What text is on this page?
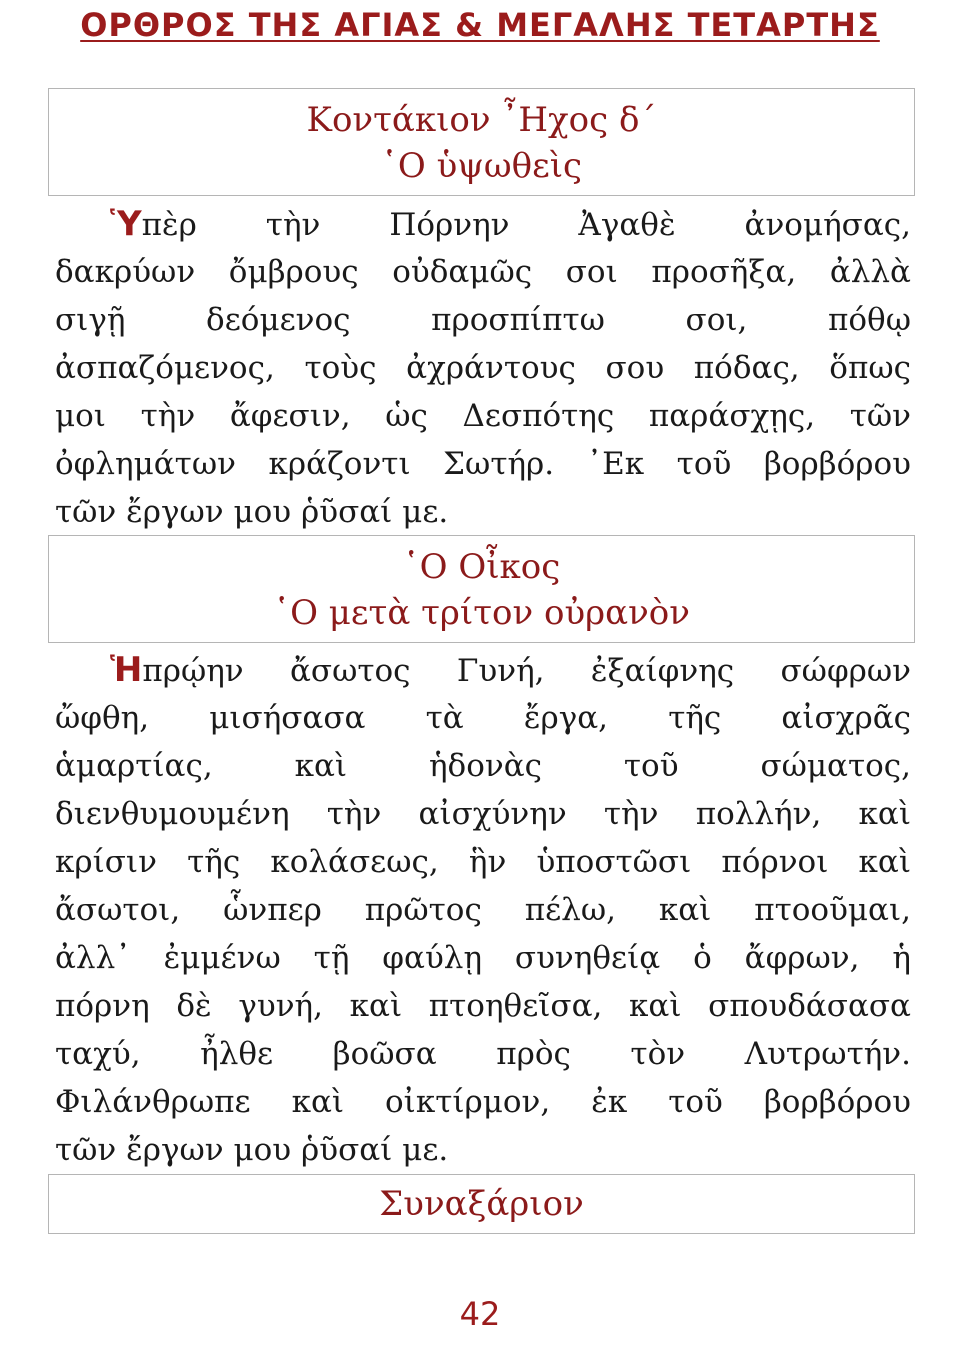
ΟΡΘΡΟΣ ΤΗΣ ΑΓΙΑΣ & ΜΕΓΑΛΗΣ ΤΕΤΑΡΤΗΣ
Κοντάκιον ῏Ηχος δ΄
῾Ο ὑψωθεὶς
Ὑπὲρ τὴν Πόρνην Ἀγαθὲ ἀνομήσας,
δακρύων ὄμβρους οὐδαμῶς σοι προσῆξα, ἀλλὰ
σιγῇ δεόμενος προσπίπτω σοι, πόθῳ
ἀσπαζόμενος, τοὺς ἀχράντους σου πόδας, ὅπως
μοι τὴν ἄφεσιν, ὡς Δεσπότης παράσχῃς, τῶν
ὀφλημάτων κράζοντι Σωτήρ. ᾿Εκ τοῦ βορβόρου
τῶν ἔργων μου ῥῦσαί με.
῾Ο Οἶκος
῾Ο μετὰ τρίτον οὐρανὸν
Ἡπρῴην ἄσωτος Γυνή, ἐξαίφνης σώφρων
ὤφθη, μισήσασα τὰ ἔργα, τῆς αἰσχρᾶς
ἁμαρτίας, καὶ ἡδονὰς τοῦ σώματος,
διενθυμουμένη τὴν αἰσχύνην τὴν πολλήν, καὶ
κρίσιν τῆς κολάσεως, ἣν ὑποστῶσι πόρνοι καὶ
ἄσωτοι, ὧνπερ πρῶτος πέλω, καὶ πτοοῦμαι,
ἀλλ᾿ ἐμμένω τῇ φαύλῃ συνηθείᾳ ὁ ἄφρων, ἡ
πόρνη δὲ γυνή, καὶ πτοηθεῖσα, καὶ σπουδάσασα
ταχύ, ἦλθε βοῶσα πρὸς τὸν Λυτρωτήν.
Φιλάνθρωπε καὶ οἰκτίρμον, ἐκ τοῦ βορβόρου
τῶν ἔργων μου ῥῦσαί με.
Συναξάριον
42
